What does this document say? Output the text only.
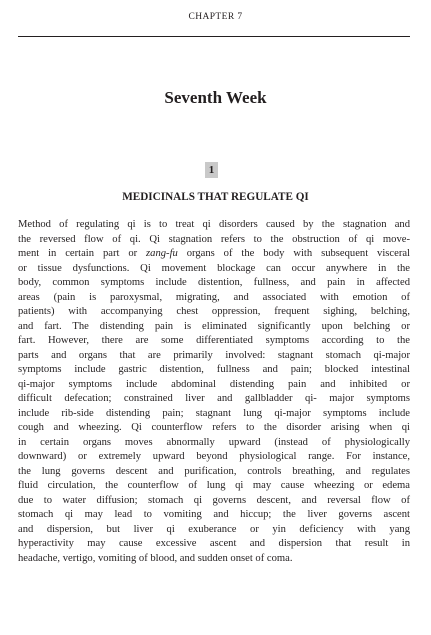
CHAPTER 7
Seventh Week
1
MEDICINALS THAT REGULATE QI
Method of regulating qi is to treat qi disorders caused by the stagnation and
the reversed flow of qi. Qi stagnation refers to the obstruction of qi move-
ment in certain part or zang-fu organs of the body with subsequent visceral
or tissue dysfunctions. Qi movement blockage can occur anywhere in the
body, common symptoms include distention, fullness, and pain in affected
areas (pain is paroxysmal, migrating, and associated with emotion of
patients) with accompanying chest oppression, frequent sighing, belching,
and fart. The distending pain is eliminated significantly upon belching or
fart. However, there are some differentiated symptoms according to the
parts and organs that are primarily involved: stagnant stomach qi-major
symptoms include gastric distention, fullness and pain; blocked intestinal
qi-major symptoms include abdominal distending pain and inhibited or
difficult defecation; constrained liver and gallbladder qi- major symptoms
include rib-side distending pain; stagnant lung qi-major symptoms include
cough and wheezing. Qi counterflow refers to the disorder arising when qi
in certain organs moves abnormally upward (instead of physiologically
downward) or extremely upward beyond physiological range. For instance,
the lung governs descent and purification, controls breathing, and regulates
fluid circulation, the counterflow of lung qi may cause wheezing or edema
due to water diffusion; stomach qi governs descent, and reversal flow of
stomach qi may lead to vomiting and hiccup; the liver governs ascent
and dispersion, but liver qi exuberance or yin deficiency with yang
hyperactivity may cause excessive ascent and dispersion that result in
headache, vertigo, vomiting of blood, and sudden onset of coma.
